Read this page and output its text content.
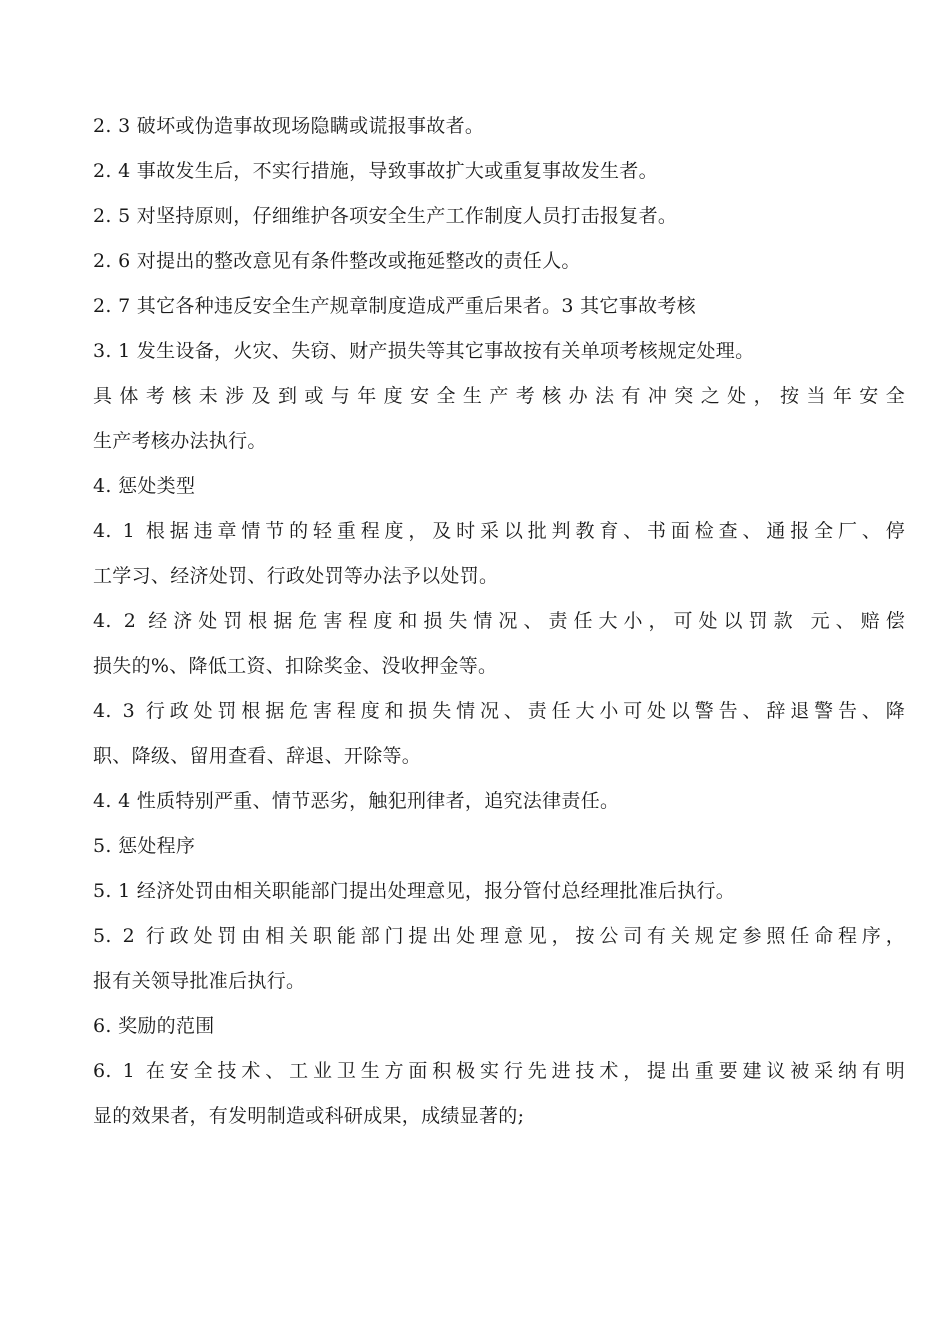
2. 3 破坏或伪造事故现场隐瞒或谎报事故者。

2. 4 事故发生后，不实行措施，导致事故扩大或重复事故发生者。

2. 5 对坚持原则，仔细维护各项安全生产工作制度人员打击报复者。

2. 6 对提出的整改意见有条件整改或拖延整改的责任人。

2. 7 其它各种违反安全生产规章制度造成严重后果者。3 其它事故考核

3. 1 发生设备，火灾、失窃、财产损失等其它事故按有关单项考核规定处理。

具体考核未涉及到或与年度安全生产考核办法有冲突之处，按当年安全
生产考核办法执行。

4. 惩处类型

4. 1 根据违章情节的轻重程度，及时采以批判教育、书面检查、通报全厂、停
工学习、经济处罚、行政处罚等办法予以处罚。
4. 2 经济处罚根据危害程度和损失情况、责任大小，可处以罚款 元、赔偿
损失的%、降低工资、扣除奖金、没收押金等。
4. 3 行政处罚根据危害程度和损失情况、责任大小可处以警告、辞退警告、降
职、降级、留用查看、辞退、开除等。

4. 4 性质特别严重、情节恶劣，触犯刑律者，追究法律责任。

5. 惩处程序

5. 1 经济处罚由相关职能部门提出处理意见，报分管付总经理批准后执行。

5. 2 行政处罚由相关职能部门提出处理意见，按公司有关规定参照任命程序，
报有关领导批准后执行。

6. 奖励的范围

6. 1 在安全技术、工业卫生方面积极实行先进技术，提出重要建议被采纳有明
显的效果者，有发明制造或科研成果，成绩显著的;
